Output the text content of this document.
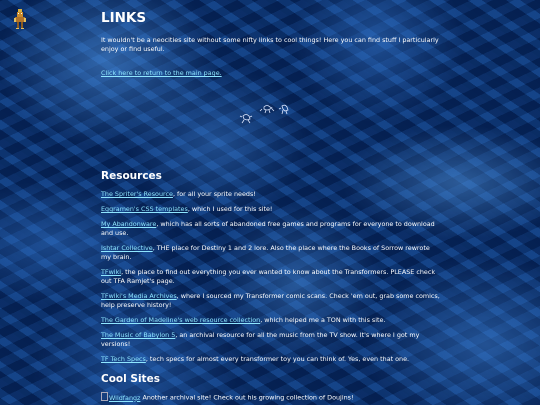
LINKS

It wouldn't be a neocities site without some nifty links to cool things! Here you can find stuff I particularly enjoy or find useful.

Click here to return to the main page.
Resources

The Spriter's Resource, for all your sprite needs!

Eggramen's CSS templates, which I used for this site!

My Abandonware, which has all sorts of abandoned free games and programs for everyone to download and use.

Ishtar Collective, THE place for Destiny 1 and 2 lore. Also the place where the Books of Sorrow rewrote my brain.

TFwiki, the place to find out everything you ever wanted to know about the Transformers. PLEASE check out TFA Ramjet's page.

TFwiki's Media Archives, where I sourced my Transformer comic scans. Check 'em out, grab some comics, help preserve history!

The Garden of Madeline's web resource collection, which helped me a TON with this site.

The Music of Babylon 5, an archival resource for all the music from the TV show. It's where I got my versions!

TF Tech Specs, tech specs for almost every transformer toy you can think of. Yes, even that one.

Cool Sites

Wildfangz Another archival site! Check out his growing collection of Doujins!
